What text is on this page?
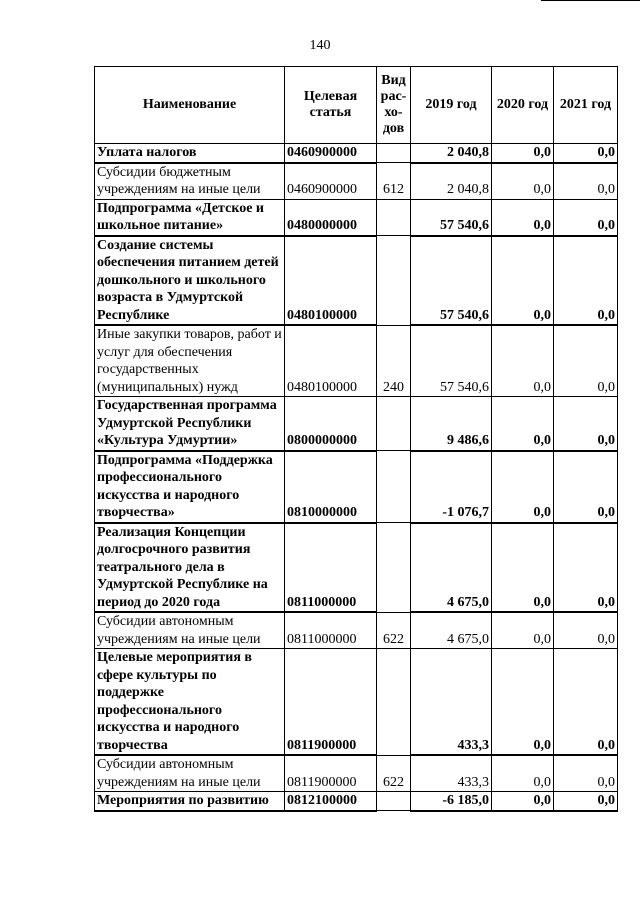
140
Наименование	Целевая статья	Вид рас- хо- дов	2019 год	2020 год	2021 год
Уплата налогов	0460900000		2 040,8	0,0	0,0
Субсидии бюджетным учреждениям на иные цели	0460900000	612	2 040,8	0,0	0,0
Подпрограмма «Детское и школьное питание»	0480000000		57 540,6	0,0	0,0
Создание системы обеспечения питанием детей дошкольного и школьного возраста в Удмуртской Республике	0480100000		57 540,6	0,0	0,0
Иные закупки товаров, работ и услуг для обеспечения государственных (муниципальных) нужд	0480100000	240	57 540,6	0,0	0,0
Государственная программа Удмуртской Республики «Культура Удмуртии»	0800000000		9 486,6	0,0	0,0
Подпрограмма «Поддержка профессионального искусства и народного творчества»	0810000000		-1 076,7	0,0	0,0
Реализация Концепции долгосрочного развития театрального дела в Удмуртской Республике на период до 2020 года	0811000000		4 675,0	0,0	0,0
Субсидии автономным учреждениям на иные цели	0811000000	622	4 675,0	0,0	0,0
Целевые мероприятия в сфере культуры по поддержке профессионального искусства и народного творчества	0811900000		433,3	0,0	0,0
Субсидии автономным учреждениям на иные цели	0811900000	622	433,3	0,0	0,0
Мероприятия по развитию	0812100000		-6 185,0	0,0	0,0
